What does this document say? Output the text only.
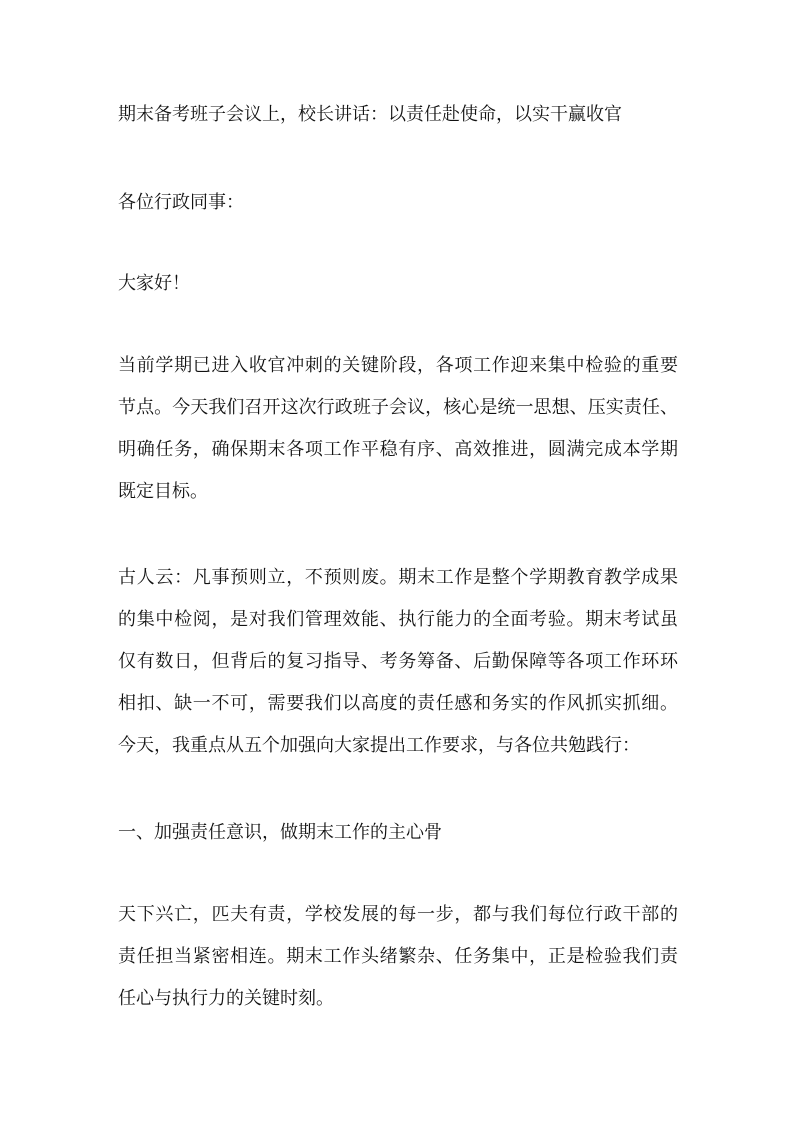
期末备考班子会议上，校长讲话：以责任赴使命，以实干赢收官
各位行政同事：
大家好！
当前学期已进入收官冲刺的关键阶段，各项工作迎来集中检验的重要
节点。今天我们召开这次行政班子会议，核心是统一思想、压实责任、
明确任务，确保期末各项工作平稳有序、高效推进，圆满完成本学期
既定目标。
古人云：凡事预则立，不预则废。期末工作是整个学期教育教学成果
的集中检阅，是对我们管理效能、执行能力的全面考验。期末考试虽
仅有数日，但背后的复习指导、考务筹备、后勤保障等各项工作环环
相扣、缺一不可，需要我们以高度的责任感和务实的作风抓实抓细。
今天，我重点从五个加强向大家提出工作要求，与各位共勉践行：
一、加强责任意识，做期末工作的主心骨
天下兴亡，匹夫有责，学校发展的每一步，都与我们每位行政干部的
责任担当紧密相连。期末工作头绪繁杂、任务集中，正是检验我们责
任心与执行力的关键时刻。
